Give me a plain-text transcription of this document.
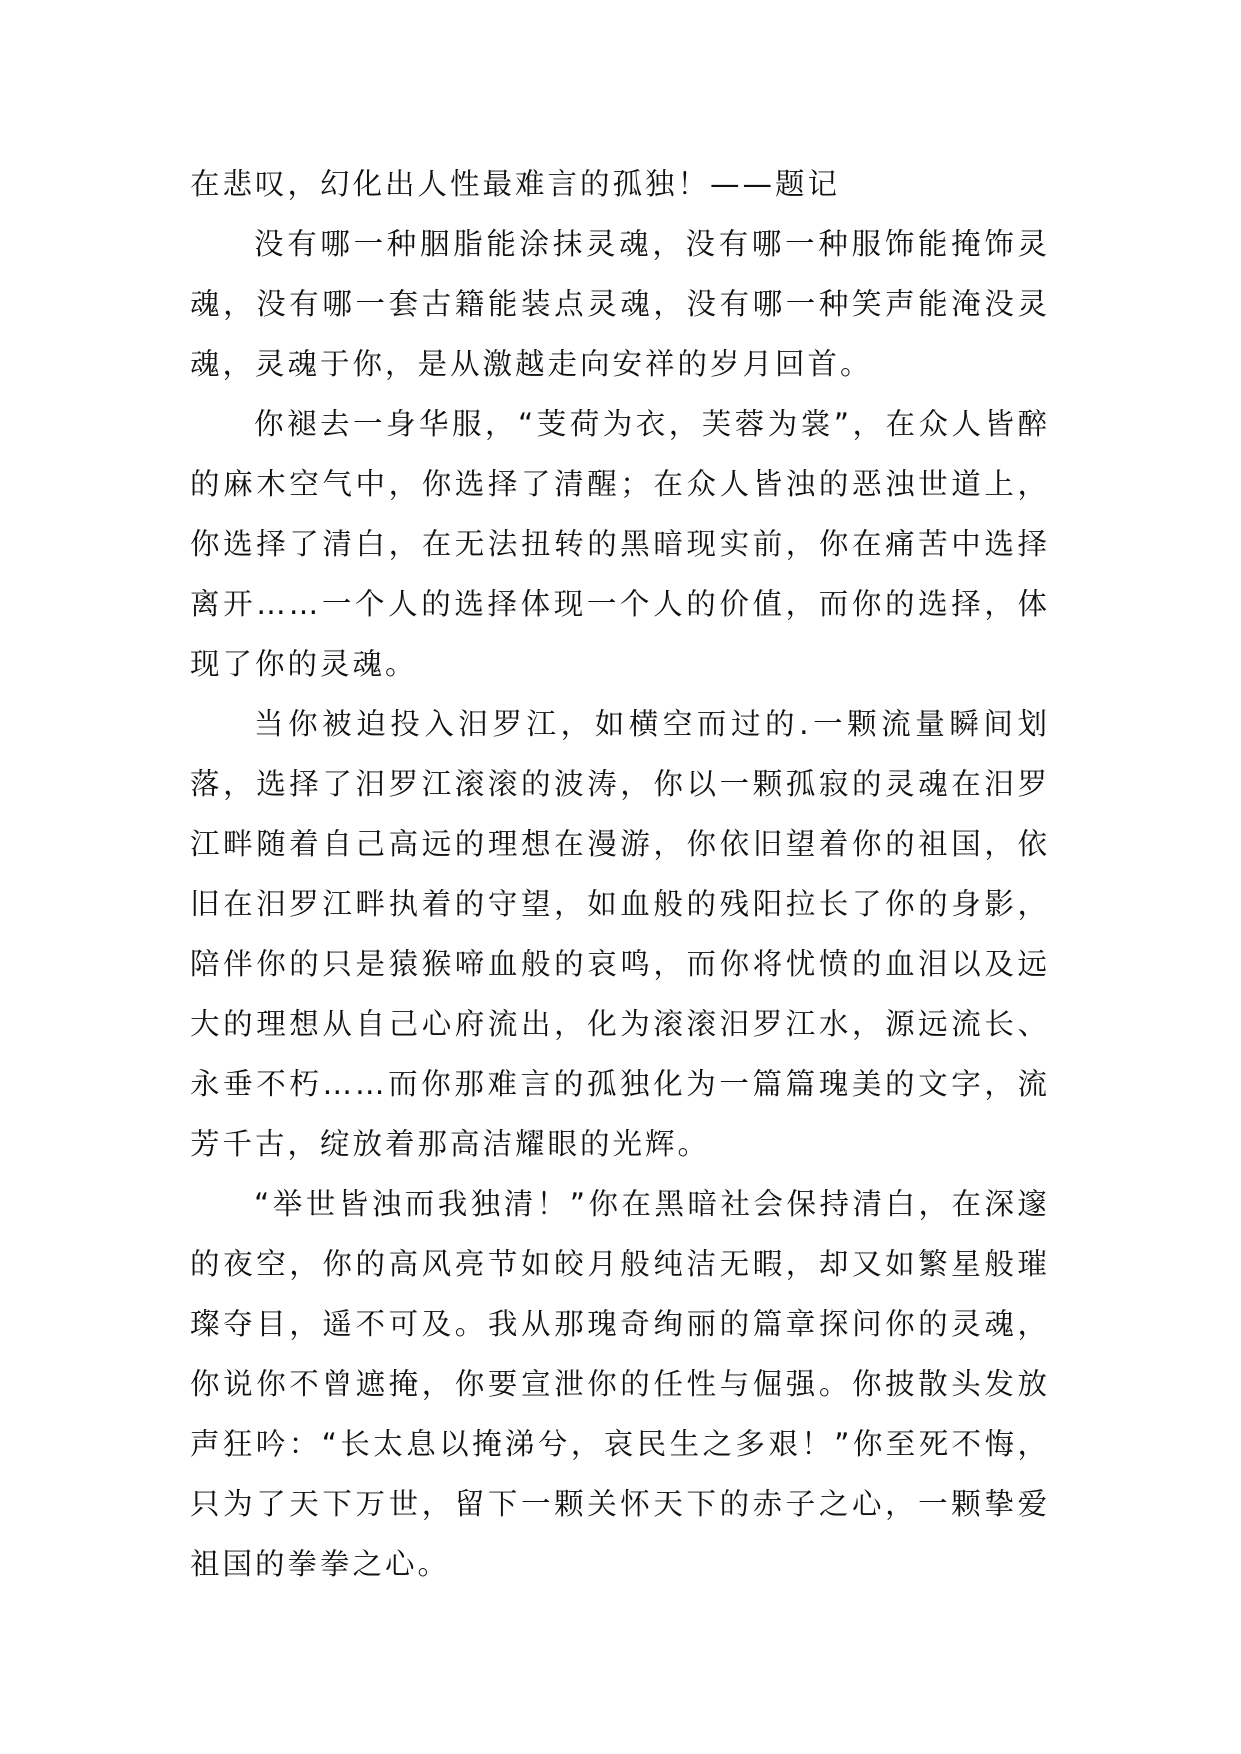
在悲叹，幻化出人性最难言的孤独！——题记

没有哪一种胭脂能涂抹灵魂，没有哪一种服饰能掩饰灵魂，没有哪一套古籍能装点灵魂，没有哪一种笑声能淹没灵魂，灵魂于你，是从激越走向安祥的岁月回首。

你褪去一身华服，“芰荷为衣，芙蓉为裳”，在众人皆醉的麻木空气中，你选择了清醒；在众人皆浊的恶浊世道上，你选择了清白，在无法扭转的黑暗现实前，你在痛苦中选择离开……一个人的选择体现一个人的价值，而你的选择，体现了你的灵魂。

当你被迫投入汨罗江，如横空而过的.一颗流量瞬间划落，选择了汨罗江滚滚的波涛，你以一颗孤寂的灵魂在汨罗江畔随着自己高远的理想在漫游，你依旧望着你的祖国，依旧在汨罗江畔执着的守望，如血般的残阳拉长了你的身影，陪伴你的只是猿猴啼血般的哀鸣，而你将忧愤的血泪以及远大的理想从自己心府流出，化为滚滚汨罗江水，源远流长、永垂不朽……而你那难言的孤独化为一篇篇瑰美的文字，流芳千古，绽放着那高洁耀眼的光辉。

“举世皆浊而我独清！”你在黑暗社会保持清白，在深邃的夜空，你的高风亮节如皎月般纯洁无暇，却又如繁星般璀璨夺目，遥不可及。我从那瑰奇绚丽的篇章探问你的灵魂，你说你不曾遮掩，你要宣泄你的任性与倔强。你披散头发放声狂吟：“长太息以掩涕兮，哀民生之多艰！”你至死不悔，只为了天下万世，留下一颗关怀天下的赤子之心，一颗挚爱祖国的拳拳之心。
